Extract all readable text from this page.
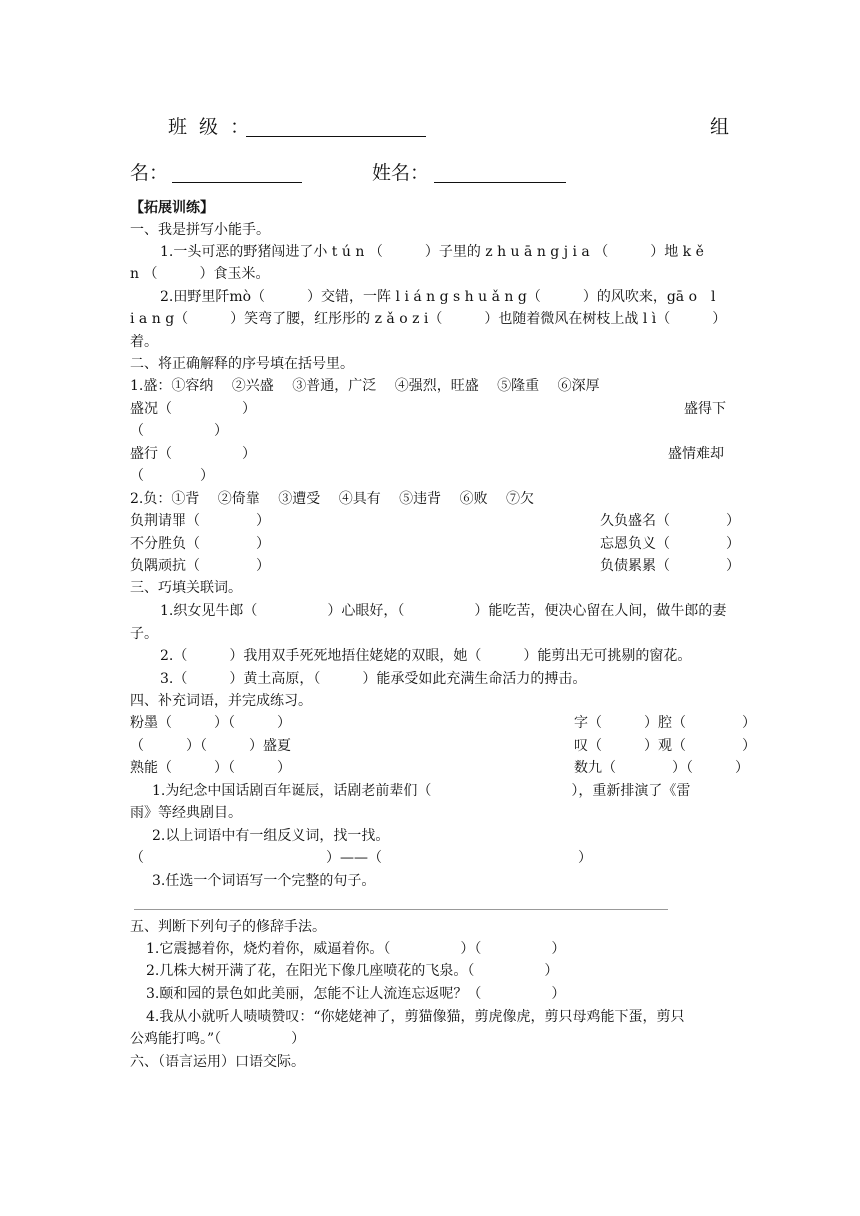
班 级 ：	组
名：	姓名：
【拓展训练】
一、我是拼写小能手。
1.一头可恶的野猪闯进了小 t ú n （　　　）子里的 z h u ā n g j i a （　　　）地 k ě
n （　　　）食玉米。
2.田野里阡mò（　　　）交错，一阵 l i á n g s h u ǎ n g（　　　）的风吹来，gā o　l
i a n g（　　　）笑弯了腰，红彤彤的 z ǎ o z i（　　　）也随着微风在树枝上战 l ì（　　　）
着。
二、将正确解释的序号填在括号里。
1.盛：①容纳　 ②兴盛　 ③普通，广泛　 ④强烈，旺盛　 ⑤隆重　 ⑥深厚
盛况（　　　　　）	盛得下
（　　　　　）
盛行（　　　　　）	盛情难却
（　　　　）
2.负：①背　 ②倚靠　 ③遭受　 ④具有　 ⑤违背　 ⑥败　 ⑦欠
负荆请罪（　　　　）	久负盛名（　　　　）
不分胜负（　　　　）	忘恩负义（　　　　）
负隅顽抗（　　　　）	负债累累（　　　　）
三、巧填关联词。
1.织女见牛郎（　　　　　）心眼好，（　　　　　）能吃苦，便决心留在人间，做牛郎的妻
子。
2.（　　　）我用双手死死地捂住姥姥的双眼，她（　　　）能剪出无可挑剔的窗花。
3.（　　　）黄土高原，（　　　）能承受如此充满生命活力的搏击。
四、补充词语，并完成练习。
粉墨（　　　）（　　　）	字（　　　）腔（　　　　）
（　　　）（　　　）盛夏	叹（　　　）观（　　　　）
熟能（　　　）（　　　）	数九（　　　　）（　　　）
1.为纪念中国话剧百年诞辰，话剧老前辈们（　　　　　　　　　　），重新排演了《雷
雨》等经典剧目。
2.以上词语中有一组反义词，找一找。
（　　　　　　　　　　　　　）——（　　　　　　　　　　　　　　）
3.任选一个词语写一个完整的句子。
五、判断下列句子的修辞手法。
1.它震撼着你，烧灼着你，威逼着你。（　　　　　）（　　　　　）
2.几株大树开满了花，在阳光下像几座喷花的飞泉。（　　　　　）
3.颐和园的景色如此美丽，怎能不让人流连忘返呢？（　　　　　）
4.我从小就听人啧啧赞叹：“你姥姥神了，剪猫像猫，剪虎像虎，剪只母鸡能下蛋，剪只
公鸡能打鸣。”（　　　　　）
六、（语言运用）口语交际。
